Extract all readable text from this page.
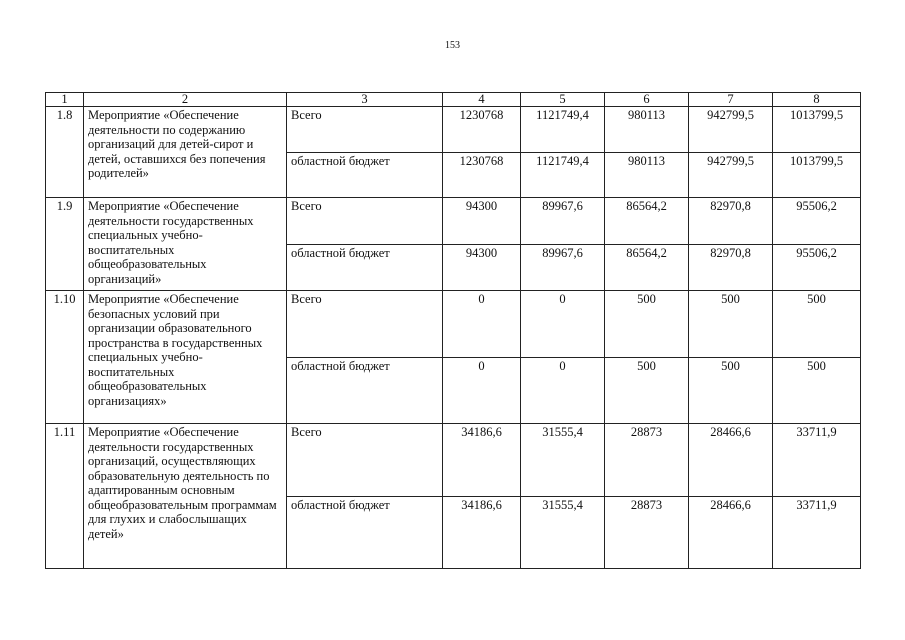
153
1	2	3	4	5	6	7	8
1.8	Мероприятие «Обеспечение деятельности по содержанию организаций для детей-сирот и детей, оставшихся без попечения родителей»	Всего	1230768	1121749,4	980113	942799,5	1013799,5
		областной бюджет	1230768	1121749,4	980113	942799,5	1013799,5
1.9	Мероприятие «Обеспечение деятельности государственных специальных учебно-воспитательных общеобразовательных организаций»	Всего	94300	89967,6	86564,2	82970,8	95506,2
		областной бюджет	94300	89967,6	86564,2	82970,8	95506,2
1.10	Мероприятие «Обеспечение безопасных условий при организации образовательного пространства в государственных специальных учебно-воспитательных общеобразовательных организациях»	Всего	0	0	500	500	500
		областной бюджет	0	0	500	500	500
1.11	Мероприятие «Обеспечение деятельности государственных организаций, осуществляющих образовательную деятельность по адаптированным основным общеобразовательным программам для глухих и слабослышащих детей»	Всего	34186,6	31555,4	28873	28466,6	33711,9
		областной бюджет	34186,6	31555,4	28873	28466,6	33711,9
